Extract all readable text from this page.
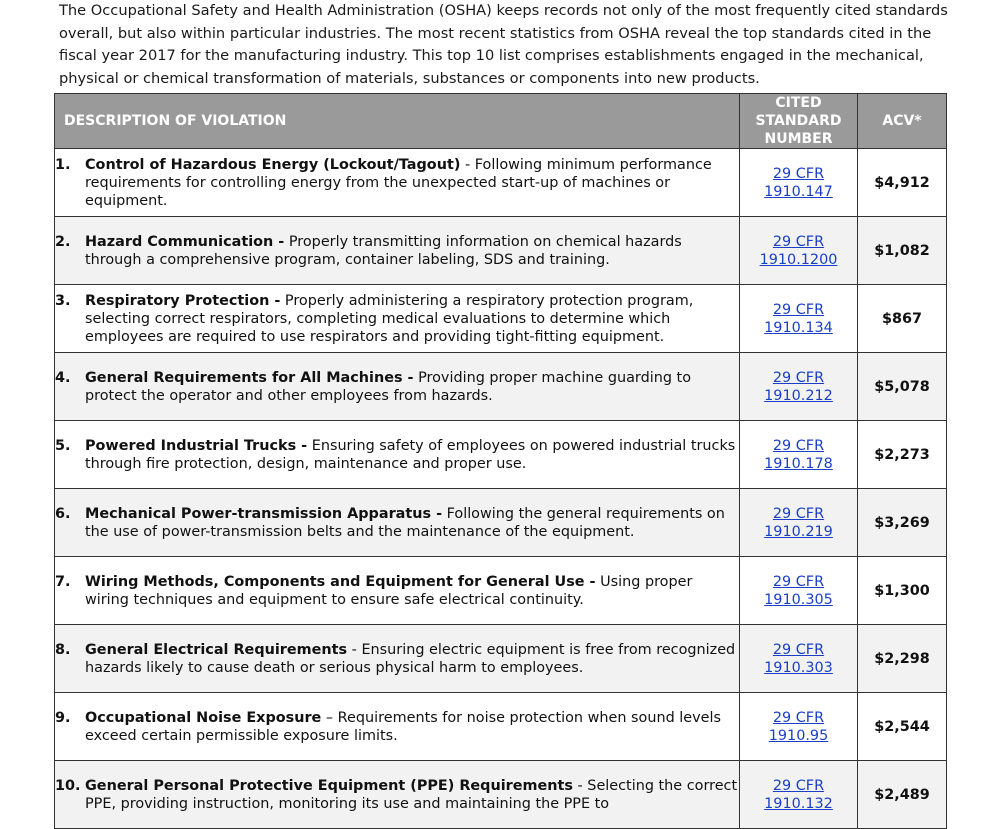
The Occupational Safety and Health Administration (OSHA) keeps records not only of the most frequently cited standards overall, but also within particular industries. The most recent statistics from OSHA reveal the top standards cited in the fiscal year 2017 for the manufacturing industry. This top 10 list comprises establishments engaged in the mechanical, physical or chemical transformation of materials, substances or components into new products.

DESCRIPTION OF VIOLATION	CITED
STANDARD
NUMBER	ACV*

1. Control of Hazardous Energy (Lockout/Tagout) - Following minimum performance requirements for controlling energy from the unexpected start-up of machines or equipment.	29 CFR
1910.147	$4,912

2. Hazard Communication - Properly transmitting information on chemical hazards through a comprehensive program, container labeling, SDS and training.	29 CFR
1910.1200	$1,082

3. Respiratory Protection - Properly administering a respiratory protection program, selecting correct respirators, completing medical evaluations to determine which employees are required to use respirators and providing tight-fitting equipment.	29 CFR
1910.134	$867

4. General Requirements for All Machines - Providing proper machine guarding to protect the operator and other employees from hazards.	29 CFR
1910.212	$5,078

5. Powered Industrial Trucks - Ensuring safety of employees on powered industrial trucks through fire protection, design, maintenance and proper use.	29 CFR
1910.178	$2,273

6. Mechanical Power-transmission Apparatus - Following the general requirements on the use of power-transmission belts and the maintenance of the equipment.	29 CFR
1910.219	$3,269

7. Wiring Methods, Components and Equipment for General Use - Using proper wiring techniques and equipment to ensure safe electrical continuity.	29 CFR
1910.305	$1,300

8. General Electrical Requirements - Ensuring electric equipment is free from recognized hazards likely to cause death or serious physical harm to employees.	29 CFR
1910.303	$2,298

9. Occupational Noise Exposure – Requirements for noise protection when sound levels exceed certain permissible exposure limits.	29 CFR
1910.95	$2,544

10. General Personal Protective Equipment (PPE) Requirements - Selecting the correct PPE, providing instruction, monitoring its use and maintaining the PPE to	29 CFR
1910.132	$2,489
